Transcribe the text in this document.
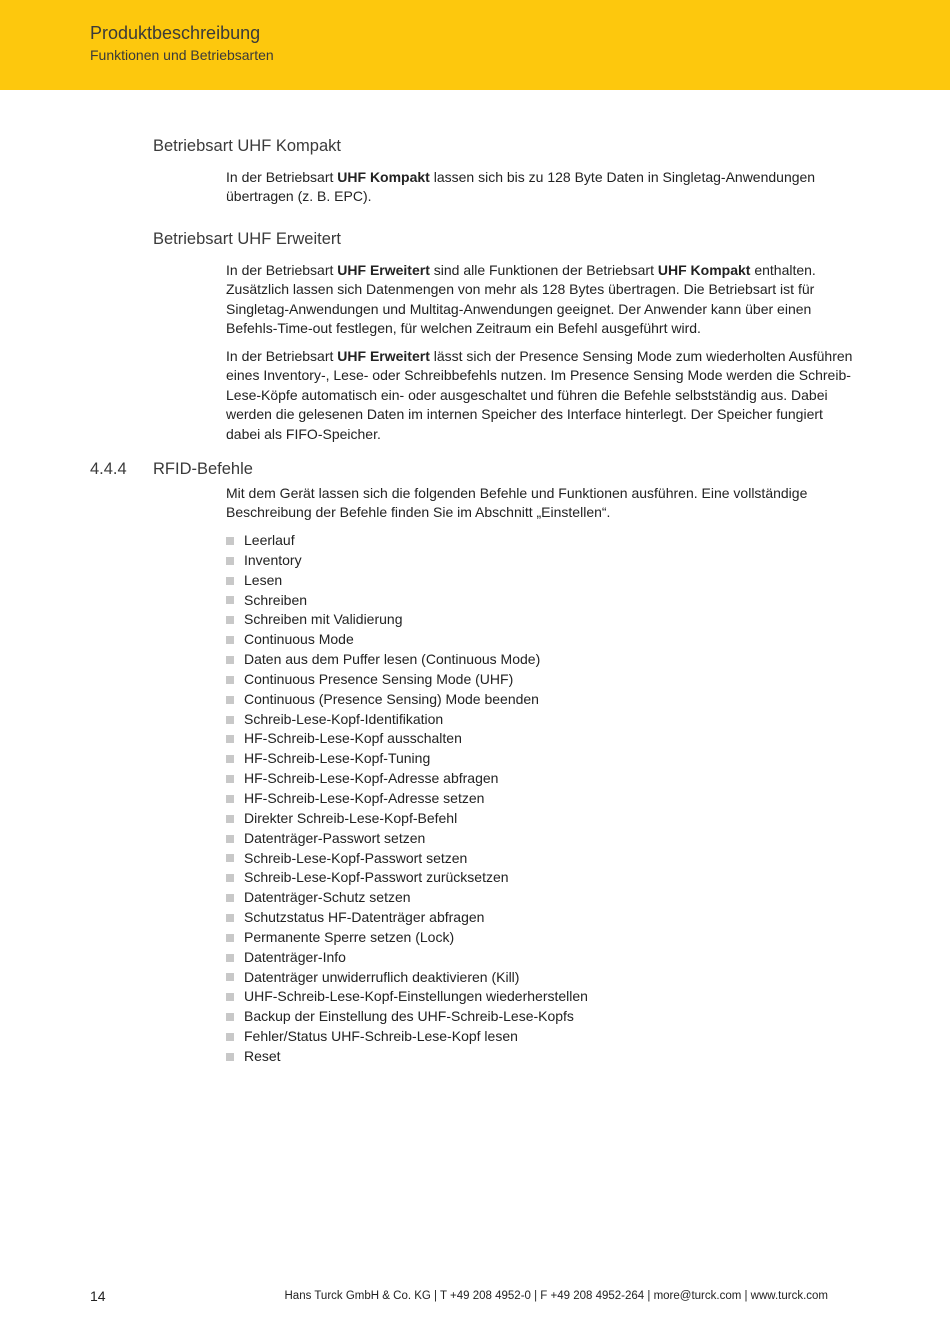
Produktbeschreibung
Funktionen und Betriebsarten
Betriebsart UHF Kompakt
In der Betriebsart UHF Kompakt lassen sich bis zu 128 Byte Daten in Singletag-Anwendungen übertragen (z. B. EPC).
Betriebsart UHF Erweitert
In der Betriebsart UHF Erweitert sind alle Funktionen der Betriebsart UHF Kompakt enthalten. Zusätzlich lassen sich Datenmengen von mehr als 128 Bytes übertragen. Die Betriebsart ist für Singletag-Anwendungen und Multitag-Anwendungen geeignet. Der Anwender kann über einen Befehls-Time-out festlegen, für welchen Zeitraum ein Befehl ausgeführt wird.
In der Betriebsart UHF Erweitert lässt sich der Presence Sensing Mode zum wiederholten Ausführen eines Inventory-, Lese- oder Schreibbefehls nutzen. Im Presence Sensing Mode werden die Schreib-Lese-Köpfe automatisch ein- oder ausgeschaltet und führen die Befehle selbstständig aus. Dabei werden die gelesenen Daten im internen Speicher des Interface hinterlegt. Der Speicher fungiert dabei als FIFO-Speicher.
4.4.4 RFID-Befehle
Mit dem Gerät lassen sich die folgenden Befehle und Funktionen ausführen. Eine vollständige Beschreibung der Befehle finden Sie im Abschnitt „Einstellen“.
Leerlauf
Inventory
Lesen
Schreiben
Schreiben mit Validierung
Continuous Mode
Daten aus dem Puffer lesen (Continuous Mode)
Continuous Presence Sensing Mode (UHF)
Continuous (Presence Sensing) Mode beenden
Schreib-Lese-Kopf-Identifikation
HF-Schreib-Lese-Kopf ausschalten
HF-Schreib-Lese-Kopf-Tuning
HF-Schreib-Lese-Kopf-Adresse abfragen
HF-Schreib-Lese-Kopf-Adresse setzen
Direkter Schreib-Lese-Kopf-Befehl
Datenträger-Passwort setzen
Schreib-Lese-Kopf-Passwort setzen
Schreib-Lese-Kopf-Passwort zurücksetzen
Datenträger-Schutz setzen
Schutzstatus HF-Datenträger abfragen
Permanente Sperre setzen (Lock)
Datenträger-Info
Datenträger unwiderruflich deaktivieren (Kill)
UHF-Schreib-Lese-Kopf-Einstellungen wiederherstellen
Backup der Einstellung des UHF-Schreib-Lese-Kopfs
Fehler/Status UHF-Schreib-Lese-Kopf lesen
Reset
14	Hans Turck GmbH & Co. KG | T +49 208 4952-0 | F +49 208 4952-264 | more@turck.com | www.turck.com
